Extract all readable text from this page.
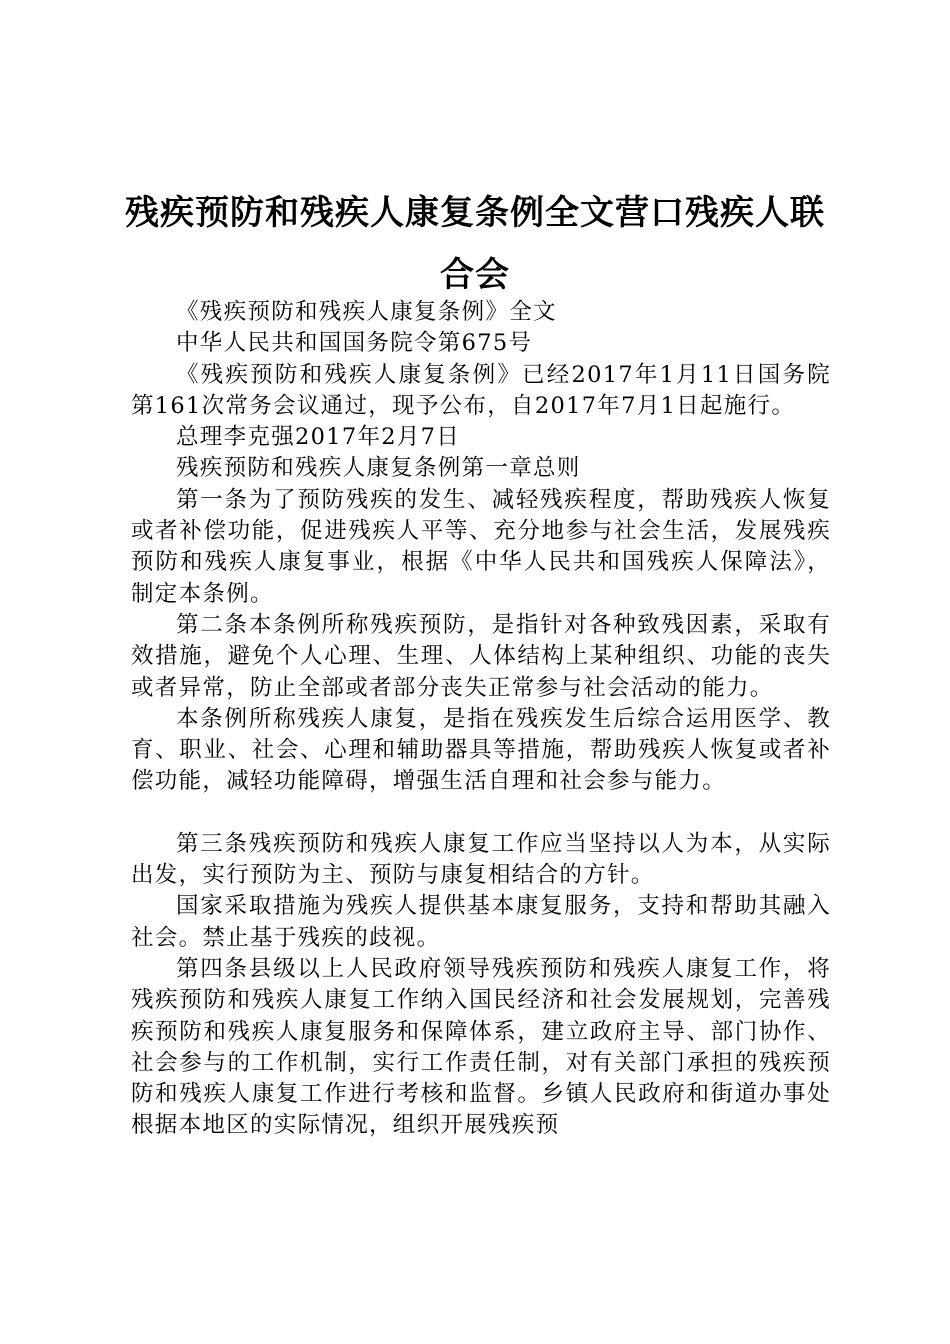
残疾预防和残疾人康复条例全文营口残疾人联合会

《残疾预防和残疾人康复条例》全文

中华人民共和国国务院令第675号

《残疾预防和残疾人康复条例》已经2017年1月11日国务院第161次常务会议通过，现予公布，自2017年7月1日起施行。

总理李克强2017年2月7日

残疾预防和残疾人康复条例第一章总则

第一条为了预防残疾的发生、减轻残疾程度，帮助残疾人恢复或者补偿功能，促进残疾人平等、充分地参与社会生活，发展残疾预防和残疾人康复事业，根据《中华人民共和国残疾人保障法》，制定本条例。

第二条本条例所称残疾预防，是指针对各种致残因素，采取有效措施，避免个人心理、生理、人体结构上某种组织、功能的丧失或者异常，防止全部或者部分丧失正常参与社会活动的能力。

本条例所称残疾人康复，是指在残疾发生后综合运用医学、教育、职业、社会、心理和辅助器具等措施，帮助残疾人恢复或者补偿功能，减轻功能障碍，增强生活自理和社会参与能力。

第三条残疾预防和残疾人康复工作应当坚持以人为本，从实际出发，实行预防为主、预防与康复相结合的方针。

国家采取措施为残疾人提供基本康复服务，支持和帮助其融入社会。禁止基于残疾的歧视。

第四条县级以上人民政府领导残疾预防和残疾人康复工作，将残疾预防和残疾人康复工作纳入国民经济和社会发展规划，完善残疾预防和残疾人康复服务和保障体系，建立政府主导、部门协作、社会参与的工作机制，实行工作责任制，对有关部门承担的残疾预防和残疾人康复工作进行考核和监督。乡镇人民政府和街道办事处根据本地区的实际情况，组织开展残疾预
